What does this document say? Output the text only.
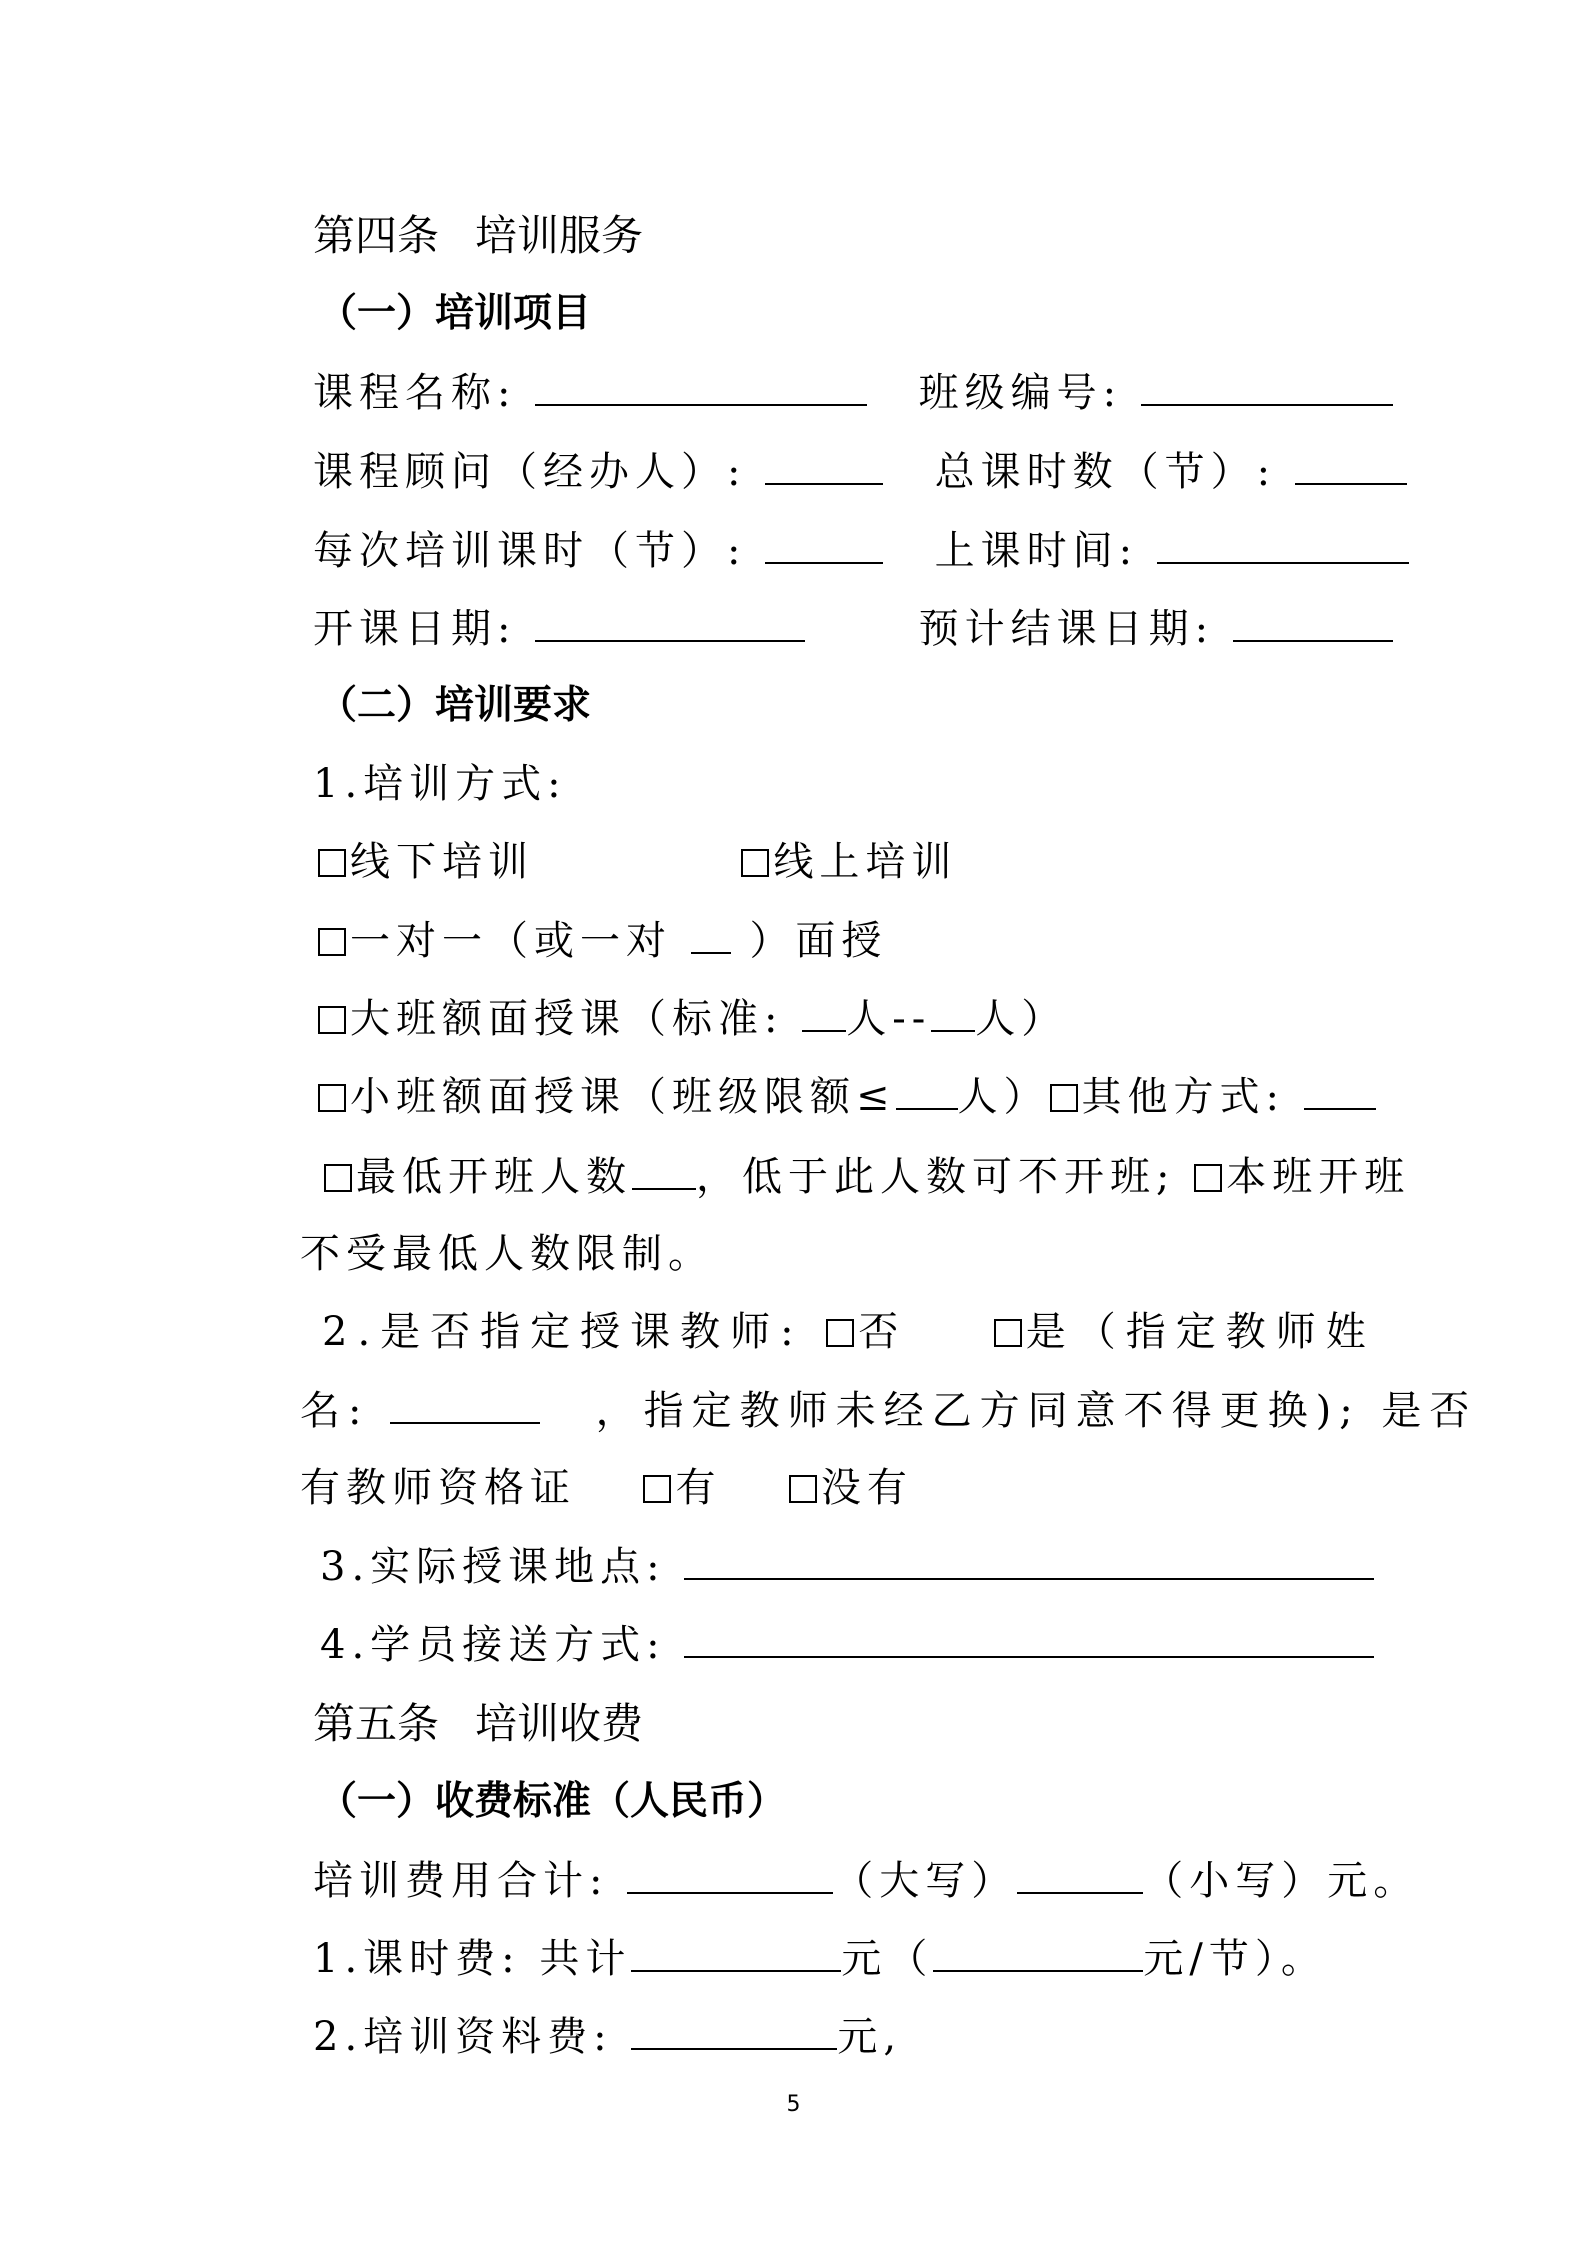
第四条 培训服务
（一）培训项目
课程名称:	班级编号:
课程顾问（经办人）:	总课时数（节）:
每次培训课时（节）:	上课时间:
开课日期:	预计结课日期:
（二）培训要求
1.培训方式:
线下培训	线上培训
一对一（或一对 ）面授
大班额面授课（标准: 人-- 人）
小班额面授课（班级限额≤ 人） 其他方式:
最低开班人数 ，低于此人数可不开班; 本班开班
不受最低人数限制。
2.是否指定授课教师: 否	是（指定教师姓
名:	，指定教师未经乙方同意不得更换); 是否
有教师资格证 有 没有
3.实际授课地点:
4.学员接送方式:
第五条 培训收费
（一）收费标准（人民币）
培训费用合计:	（大写）	（小写）元。
1.课时费: 共计	元（	元/节）。
2.培训资料费:	元,
5
